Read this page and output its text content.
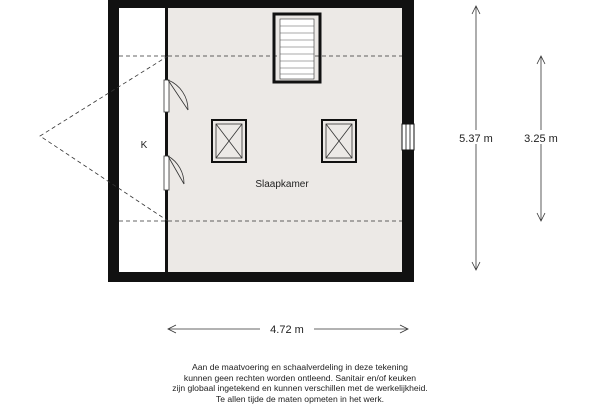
Slaapkamer
K
5.37 m	3.25 m
4.72 m
Aan de maatvoering en schaalverdeling in deze tekening
kunnen geen rechten worden ontleend. Sanitair en/of keuken
zijn globaal ingetekend en kunnen verschillen met de werkelijkheid.
Te allen tijde de maten opmeten in het werk.
